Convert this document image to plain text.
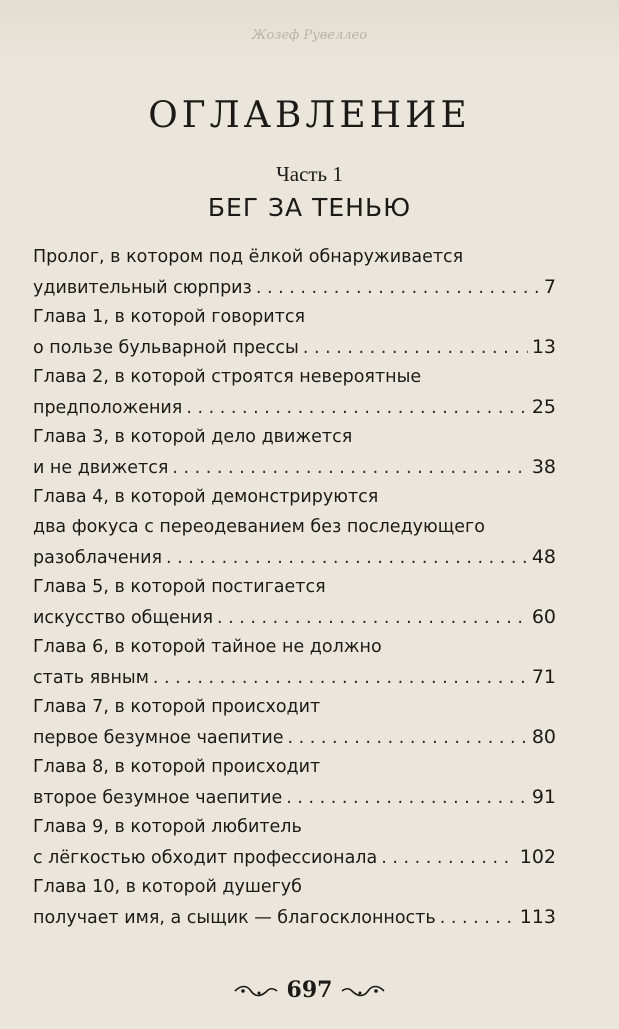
Жозеф Рувеллео
ОГЛАВЛЕНИЕ
Часть 1
БЕГ ЗА ТЕНЬЮ
Пролог, в котором под ёлкой обнаруживается
удивительный сюрприз . . .	7
Глава 1, в которой говорится
о пользе бульварной прессы . . .	13
Глава 2, в которой строятся невероятные
предположения . . .	25
Глава 3, в которой дело движется
и не движется . . .	38
Глава 4, в которой демонстрируются
два фокуса с переодеванием без последующего
разоблачения . . .	48
Глава 5, в которой постигается
искусство общения . . .	60
Глава 6, в которой тайное не должно
стать явным . . .	71
Глава 7, в которой происходит
первое безумное чаепитие . . .	80
Глава 8, в которой происходит
второе безумное чаепитие . . .	91
Глава 9, в которой любитель
с лёгкостью обходит профессионала . . .	102
Глава 10, в которой душегуб
получает имя, а сыщик — благосклонность . . .	113
697
